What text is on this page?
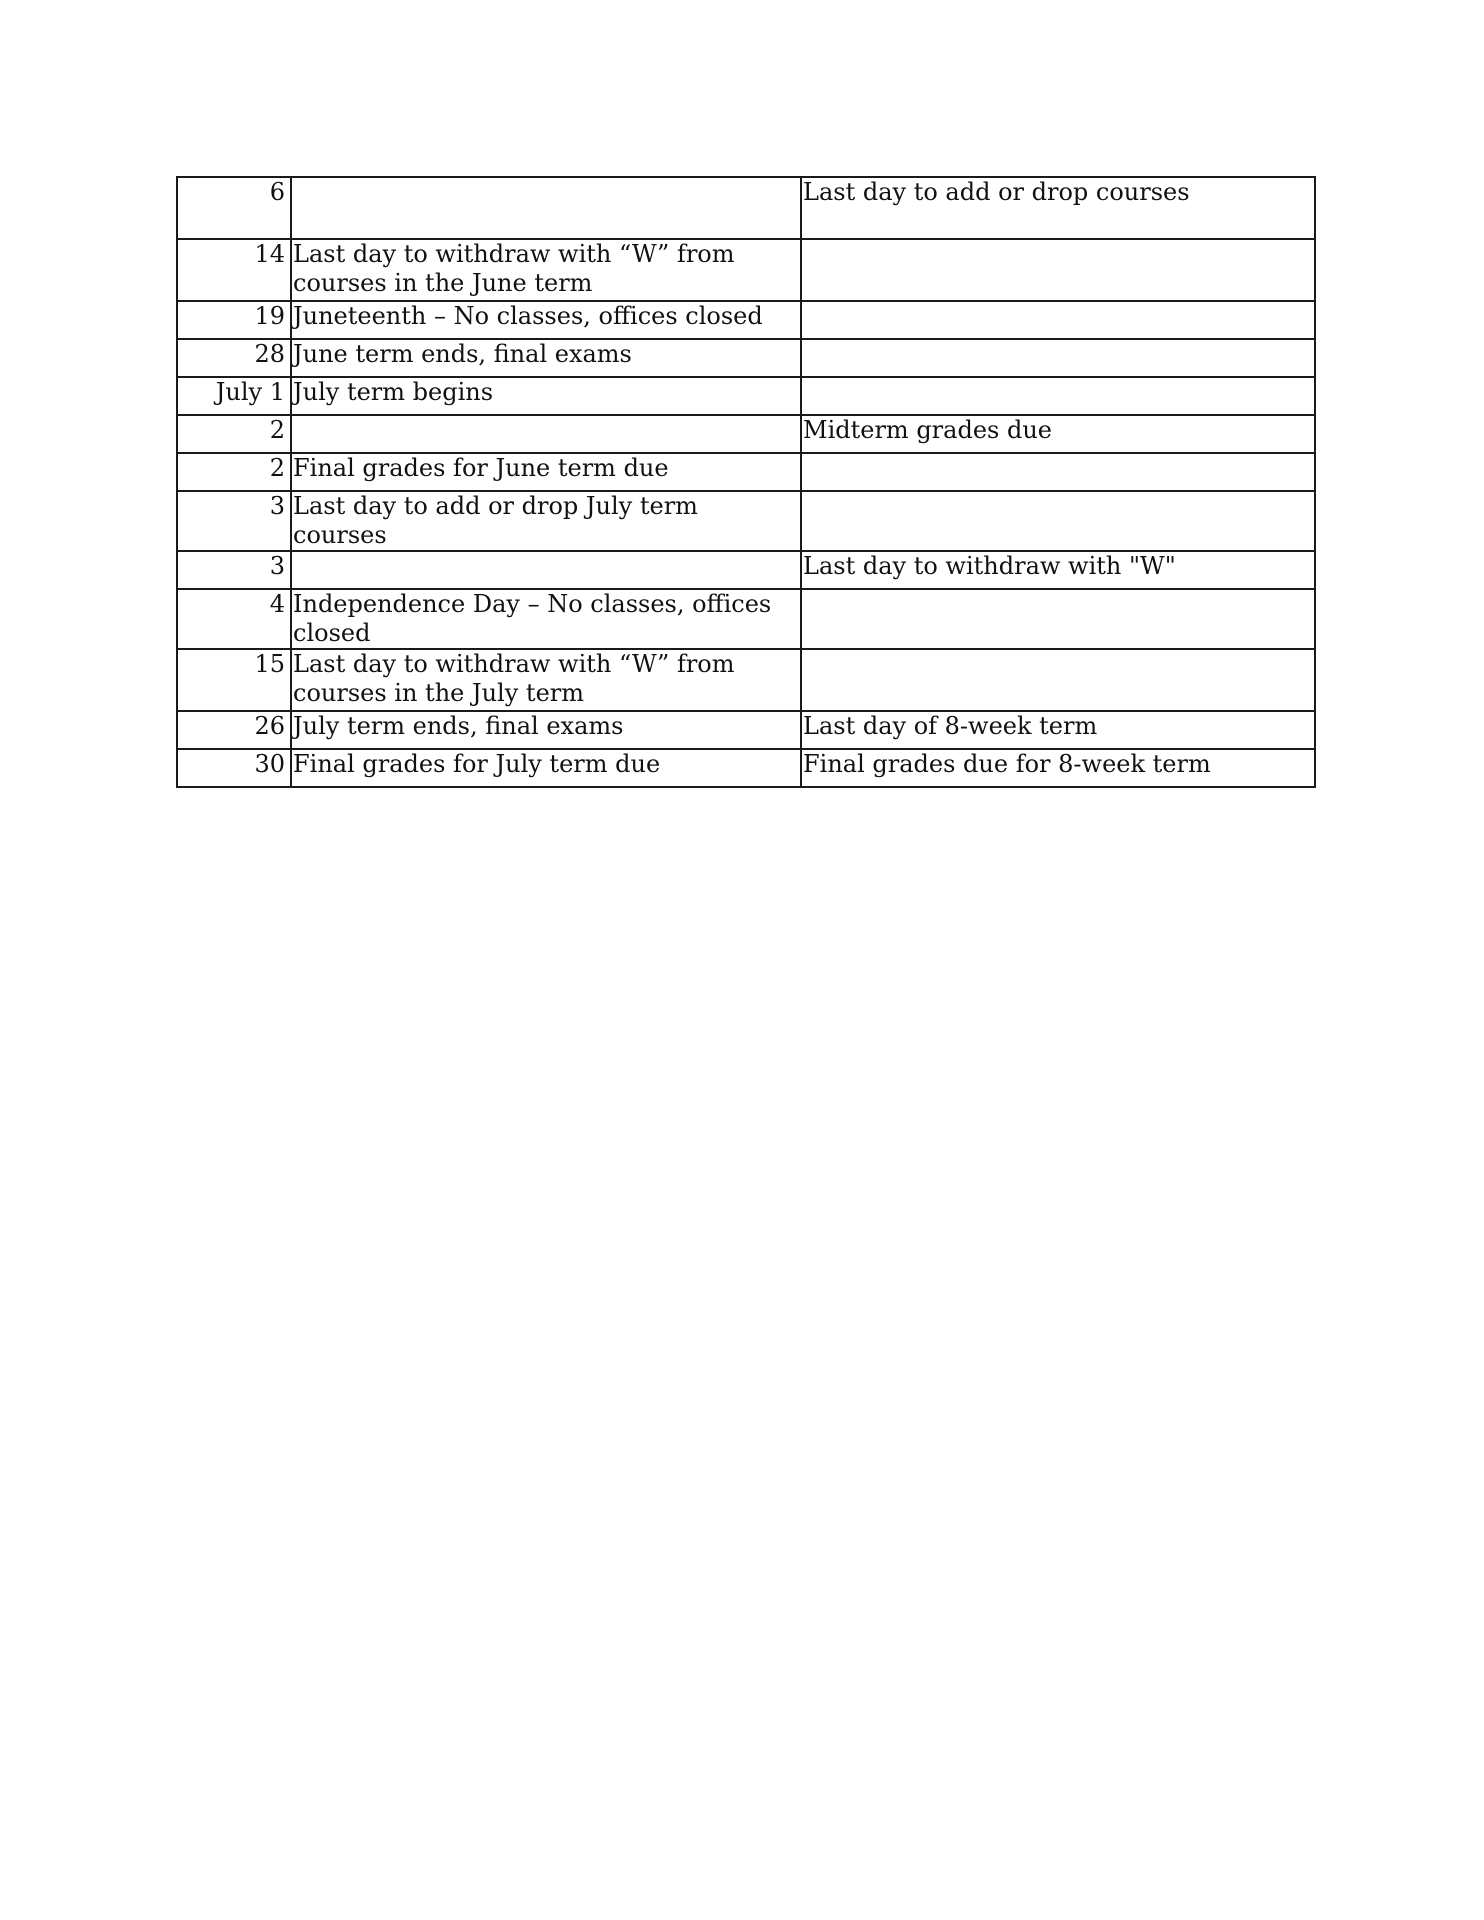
6		Last day to add or drop courses
14	Last day to withdraw with “W” from courses in the June term	
19	Juneteenth – No classes, offices closed	
28	June term ends, final exams	
July 1	July term begins	
2		Midterm grades due
2	Final grades for June term due	
3	Last day to add or drop July term courses	
3		Last day to withdraw with "W"
4	Independence Day – No classes, offices closed	
15	Last day to withdraw with “W” from courses in the July term	
26	July term ends, final exams	Last day of 8-week term
30	Final grades for July term due	Final grades due for 8-week term
